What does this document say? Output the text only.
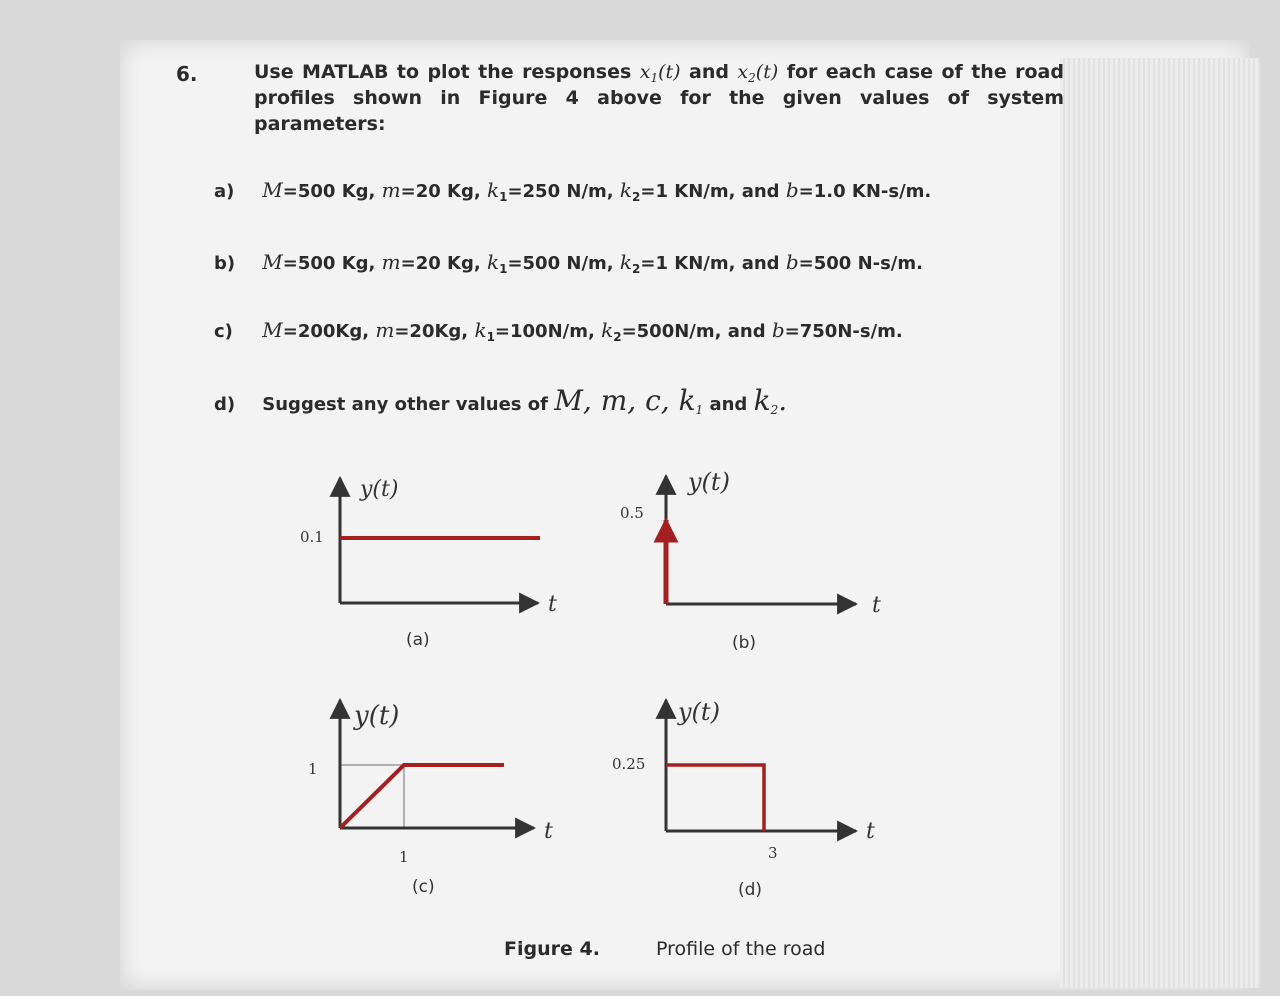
6.	Use MATLAB to plot the responses $x_1(t)$ and $x_2(t)$ for each case of the road profiles shown in Figure 4 above for the given values of system parameters:
a) M=500 Kg, m=20 Kg, $k_1=250$ N/m, $k_2=1$ KN/m, and b=1.0 KN-s/m.
b) M=500 Kg, m=20 Kg, $k_1=500$ N/m, $k_2=1$ KN/m, and b=500 N-s/m.
c) M=200Kg, m=20Kg, $k_1=100N/m$, $k_2=500N/m$, and b=750N-s/m.
d) Suggest any other values of M, m, c, $k_1$ and $k_2$.
y(t)
0.1
t
(a)
y(t)
0.5
t
(b)
y(t)
1
1
t
(c)
y(t)
0.25
3
t
(d)
Figure 4.	Profile of the road
